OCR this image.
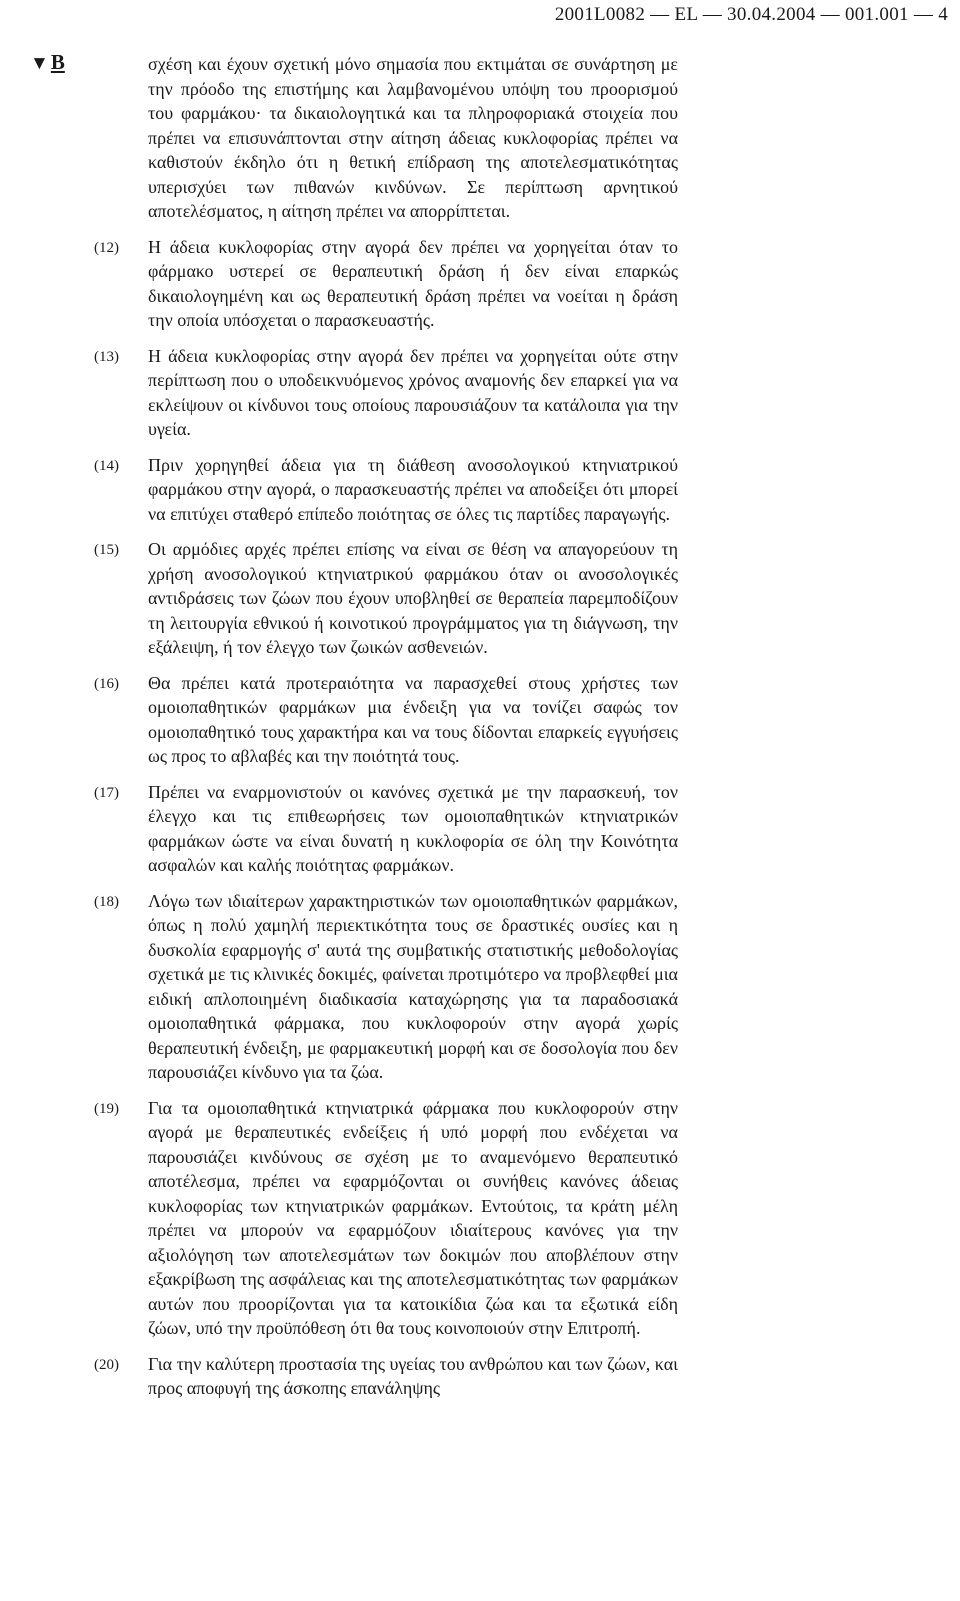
2001L0082 — EL — 30.04.2004 — 001.001 — 4
▼B	σχέση και έχουν σχετική μόνο σημασία που εκτιμάται σε συνάρτηση με την πρόοδο της επιστήμης και λαμβανομένου υπόψη του προορισμού του φαρμάκου· τα δικαιολογητικά και τα πληροφοριακά στοιχεία που πρέπει να επισυνάπτονται στην αίτηση άδειας κυκλοφορίας πρέπει να καθιστούν έκδηλο ότι η θετική επίδραση της αποτελεσματικότητας υπερισχύει των πιθανών κινδύνων. Σε περίπτωση αρνητικού αποτελέσματος, η αίτηση πρέπει να απορρίπτεται.
(12) Η άδεια κυκλοφορίας στην αγορά δεν πρέπει να χορηγείται όταν το φάρμακο υστερεί σε θεραπευτική δράση ή δεν είναι επαρκώς δικαιολογημένη και ως θεραπευτική δράση πρέπει να νοείται η δράση την οποία υπόσχεται ο παρασκευαστής.
(13) Η άδεια κυκλοφορίας στην αγορά δεν πρέπει να χορηγείται ούτε στην περίπτωση που ο υποδεικνυόμενος χρόνος αναμονής δεν επαρκεί για να εκλείψουν οι κίνδυνοι τους οποίους παρουσιάζουν τα κατάλοιπα για την υγεία.
(14) Πριν χορηγηθεί άδεια για τη διάθεση ανοσολογικού κτηνιατρικού φαρμάκου στην αγορά, ο παρασκευαστής πρέπει να αποδείξει ότι μπορεί να επιτύχει σταθερό επίπεδο ποιότητας σε όλες τις παρτίδες παραγωγής.
(15) Οι αρμόδιες αρχές πρέπει επίσης να είναι σε θέση να απαγορεύουν τη χρήση ανοσολογικού κτηνιατρικού φαρμάκου όταν οι ανοσολογικές αντιδράσεις των ζώων που έχουν υποβληθεί σε θεραπεία παρεμποδίζουν τη λειτουργία εθνικού ή κοινοτικού προγράμματος για τη διάγνωση, την εξάλειψη, ή τον έλεγχο των ζωικών ασθενειών.
(16) Θα πρέπει κατά προτεραιότητα να παρασχεθεί στους χρήστες των ομοιοπαθητικών φαρμάκων μια ένδειξη για να τονίζει σαφώς τον ομοιοπαθητικό τους χαρακτήρα και να τους δίδονται επαρκείς εγγυήσεις ως προς το αβλαβές και την ποιότητά τους.
(17) Πρέπει να εναρμονιστούν οι κανόνες σχετικά με την παρασκευή, τον έλεγχο και τις επιθεωρήσεις των ομοιοπαθητικών κτηνιατρικών φαρμάκων ώστε να είναι δυνατή η κυκλοφορία σε όλη την Κοινότητα ασφαλών και καλής ποιότητας φαρμάκων.
(18) Λόγω των ιδιαίτερων χαρακτηριστικών των ομοιοπαθητικών φαρμάκων, όπως η πολύ χαμηλή περιεκτικότητα τους σε δραστικές ουσίες και η δυσκολία εφαρμογής σ' αυτά της συμβατικής στατιστικής μεθοδολογίας σχετικά με τις κλινικές δοκιμές, φαίνεται προτιμότερο να προβλεφθεί μια ειδική απλοποιημένη διαδικασία καταχώρησης για τα παραδοσιακά ομοιοπαθητικά φάρμακα, που κυκλοφορούν στην αγορά χωρίς θεραπευτική ένδειξη, με φαρμακευτική μορφή και σε δοσολογία που δεν παρουσιάζει κίνδυνο για τα ζώα.
(19) Για τα ομοιοπαθητικά κτηνιατρικά φάρμακα που κυκλοφορούν στην αγορά με θεραπευτικές ενδείξεις ή υπό μορφή που ενδέχεται να παρουσιάζει κινδύνους σε σχέση με το αναμενόμενο θεραπευτικό αποτέλεσμα, πρέπει να εφαρμόζονται οι συνήθεις κανόνες άδειας κυκλοφορίας των κτηνιατρικών φαρμάκων. Εντούτοις, τα κράτη μέλη πρέπει να μπορούν να εφαρμόζουν ιδιαίτερους κανόνες για την αξιολόγηση των αποτελεσμάτων των δοκιμών που αποβλέπουν στην εξακρίβωση της ασφάλειας και της αποτελεσματικότητας των φαρμάκων αυτών που προορίζονται για τα κατοικίδια ζώα και τα εξωτικά είδη ζώων, υπό την προϋπόθεση ότι θα τους κοινοποιούν στην Επιτροπή.
(20) Για την καλύτερη προστασία της υγείας του ανθρώπου και των ζώων, και προς αποφυγή της άσκοπης επανάληψης
